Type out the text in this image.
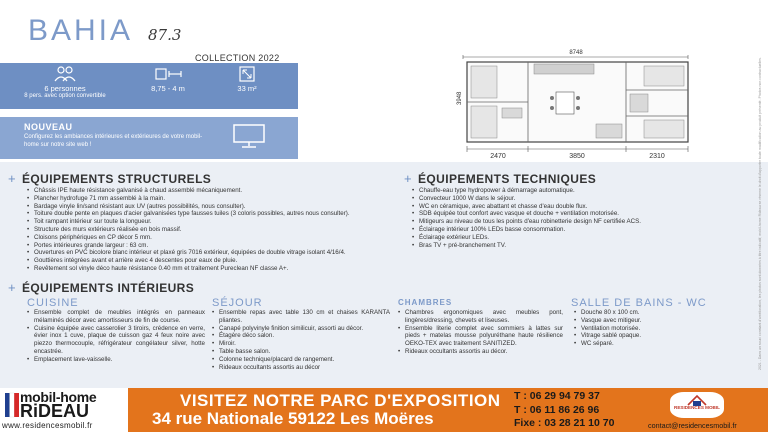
BAHIA 87.3
COLLECTION 2022
6 personnes
8 pers. avec option convertible
8,75 - 4 m	33 m²
NOUVEAU
Configurez les ambiances intérieures et extérieures de votre mobil-home sur notre site web !
8748
3948
2470	3850	2310
+ ÉQUIPEMENTS STRUCTURELS
• Châssis IPE haute résistance galvanisé à chaud assemblé mécaniquement.
• Plancher hydrofuge 71 mm assemblé à la main.
• Bardage vinyle lin/sand résistant aux UV (autres possibilités, nous consulter).
• Toiture double pente en plaques d'acier galvanisées type fausses tuiles (3 coloris possibles, autres nous consulter).
• Toit rampant intérieur sur toute la longueur.
• Structure des murs extérieurs réalisée en bois massif.
• Cloisons périphériques en CP décor 5 mm.
• Portes intérieures grande largeur : 63 cm.
• Ouvertures en PVC bicolore blanc intérieur et plaxé gris 7016 extérieur, équipées de double vitrage isolant 4/16/4.
• Gouttières intégrées avant et arrière avec 4 descentes pour eaux de pluie.
• Revêtement sol vinyle déco haute résistance 0.40 mm et traitement Pureclean NF classe A+.
+ ÉQUIPEMENTS TECHNIQUES
• Chauffe-eau type hydropower à démarrage automatique.
• Convecteur 1000 W dans le séjour.
• WC en céramique, avec abattant et chasse d'eau double flux.
• SDB équipée tout confort avec vasque et douche + ventilation motorisée.
• Mitigeurs au niveau de tous les points d'eau robinetterie design NF certifiée ACS.
• Éclairage intérieur 100% LEDs basse consommation.
• Éclairage extérieur LEDs.
• Bras TV + pré-branchement TV.
+ ÉQUIPEMENTS INTÉRIEURS
CUISINE
• Ensemble complet de meubles intégrés en panneaux mélaminés décor avec amortisseurs de fin de course.
• Cuisine équipée avec casserolier 3 tiroirs, crédence en verre, évier inox 1 cuve, plaque de cuisson gaz 4 feux noire avec piezzo thermocouple, réfrigérateur congélateur silver, hotte encastrée.
• Emplacement lave-vaisselle.
SÉJOUR
• Ensemble repas avec table 130 cm et chaises KARANTA pliantes.
• Canapé polyvinyle finition similicuir, assorti au décor.
• Étagère déco salon.
• Miroir.
• Table basse salon.
• Colonne technique/placard de rangement.
• Rideaux occultants assortis au décor
CHAMBRES
• Chambres ergonomiques avec meubles pont, lingères/dressing, chevets et liseuses.
• Ensemble literie complet avec sommiers à lattes sur pieds + matelas mousse polyuréthane haute résilience OEKO-TEX avec traitement SANITIZED.
• Rideaux occultants assortis au décor.
SALLE DE BAINS - WC
• Douche 80 x 100 cm.
• Vasque avec mitigeur.
• Ventilation motorisée.
• Vitrage sablé opaque.
• WC séparé.	2021 - Dans un souci constant d'amélioration, les photos sont données à titre indicatif, mobil-home Rideau se réserve le droit d'apporter toute modification au produit présenté. Photos non contractuelles.
mobil-home
RiDEAU
www.residencesmobil.fr
VISITEZ NOTRE PARC D'EXPOSITION
34 rue Nationale 59122 Les Moëres
T : 06 29 94 79 37
T : 06 11 86 26 96
Fixe : 03 28 21 10 70
RESIDENCES MOBIL
contact@residencesmobil.fr
